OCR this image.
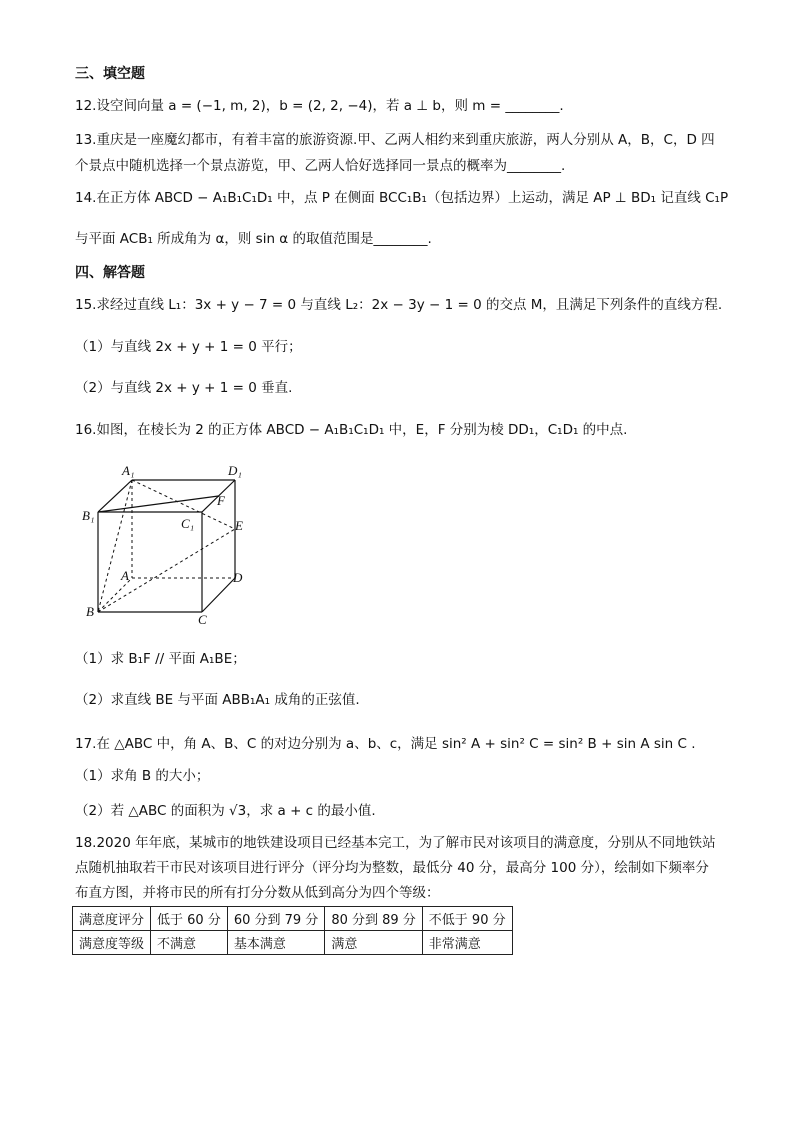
三、填空题
12.设空间向量 a = (−1, m, 2)，b = (2, 2, −4)，若 a ⊥ b，则 m = ________.
13.重庆是一座魔幻都市，有着丰富的旅游资源.甲、乙两人相约来到重庆旅游，两人分别从 A，B，C，D 四
个景点中随机选择一个景点游览，甲、乙两人恰好选择同一景点的概率为________.
14.在正方体 ABCD − A₁B₁C₁D₁ 中，点 P 在侧面 BCC₁B₁（包括边界）上运动，满足 AP ⊥ BD₁ 记直线 C₁P
与平面 ACB₁ 所成角为 α，则 sin α 的取值范围是________.
四、解答题
15.求经过直线 L₁：3x + y − 7 = 0 与直线 L₂：2x − 3y − 1 = 0 的交点 M，且满足下列条件的直线方程.
（1）与直线 2x + y + 1 = 0 平行；
（2）与直线 2x + y + 1 = 0 垂直.
16.如图，在棱长为 2 的正方体 ABCD − A₁B₁C₁D₁ 中，E，F 分别为棱 DD₁，C₁D₁ 的中点.
A₁	D₁
B₁
C₁
F
E
A	D
B
C
（1）求 B₁F // 平面 A₁BE；
（2）求直线 BE 与平面 ABB₁A₁ 成角的正弦值.
17.在 △ABC 中，角 A、B、C 的对边分别为 a、b、c，满足 sin² A + sin² C = sin² B + sin A sin C .
（1）求角 B 的大小；
（2）若 △ABC 的面积为 √3，求 a + c 的最小值.
18.2020 年年底，某城市的地铁建设项目已经基本完工，为了解市民对该项目的满意度，分别从不同地铁站
点随机抽取若干市民对该项目进行评分（评分均为整数，最低分 40 分，最高分 100 分），绘制如下频率分
布直方图，并将市民的所有打分分数从低到高分为四个等级：
满意度评分	低于 60 分	60 分到 79 分	80 分到 89 分	不低于 90 分
满意度等级	不满意	基本满意	满意	非常满意
